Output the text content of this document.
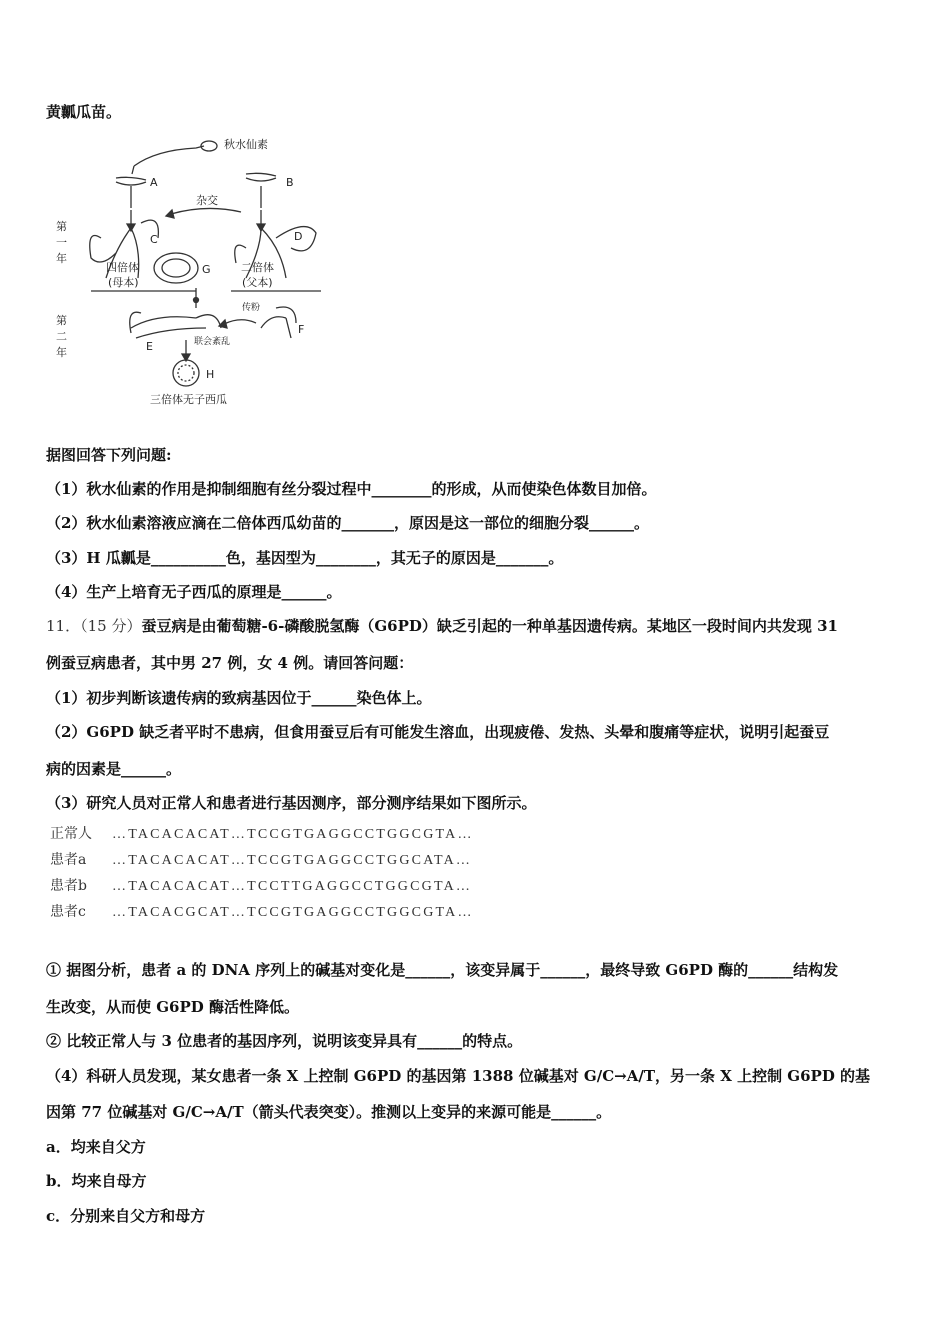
黄瓤瓜苗。
秋水仙素
A	B
杂交
C	D
G
四倍体
(母本)
二倍体
(父本)
第
一
年
第
二
年	E
F
传粉
联会紊乱
H
三倍体无子西瓜
据图回答下列问题:
（1）秋水仙素的作用是抑制细胞有丝分裂过程中________的形成，从而使染色体数目加倍。
（2）秋水仙素溶液应滴在二倍体西瓜幼苗的_______，原因是这一部位的细胞分裂______。
（3）H 瓜瓤是__________色，基因型为________，其无子的原因是_______。
（4）生产上培育无子西瓜的原理是______。
11．（15 分）蚕豆病是由葡萄糖-6-磷酸脱氢酶（G6PD）缺乏引起的一种单基因遗传病。某地区一段时间内共发现 31
例蚕豆病患者，其中男 27 例，女 4 例。请回答问题：
（1）初步判断该遗传病的致病基因位于______染色体上。
（2）G6PD 缺乏者平时不患病，但食用蚕豆后有可能发生溶血，出现疲倦、发热、头晕和腹痛等症状，说明引起蚕豆
病的因素是______。
（3）研究人员对正常人和患者进行基因测序，部分测序结果如下图所示。
正常人 …TACACACAT…TCCGTGAGGCCTGGCGTA…
患者a …TACACACAT…TCCGTGAGGCCTGGCATA…
患者b …TACACACAT…TCCTTGAGGCCTGGCGTA…
患者c …TACACGCAT…TCCGTGAGGCCTGGCGTA…
① 据图分析，患者 a 的 DNA 序列上的碱基对变化是______，该变异属于______，最终导致 G6PD 酶的______结构发
生改变，从而使 G6PD 酶活性降低。
② 比较正常人与 3 位患者的基因序列，说明该变异具有______的特点。
（4）科研人员发现，某女患者一条 X 上控制 G6PD 的基因第 1388 位碱基对 G/C→A/T，另一条 X 上控制 G6PD 的基
因第 77 位碱基对 G/C→A/T（箭头代表突变）。推测以上变异的来源可能是______。
a．均来自父方
b．均来自母方
c．分别来自父方和母方
